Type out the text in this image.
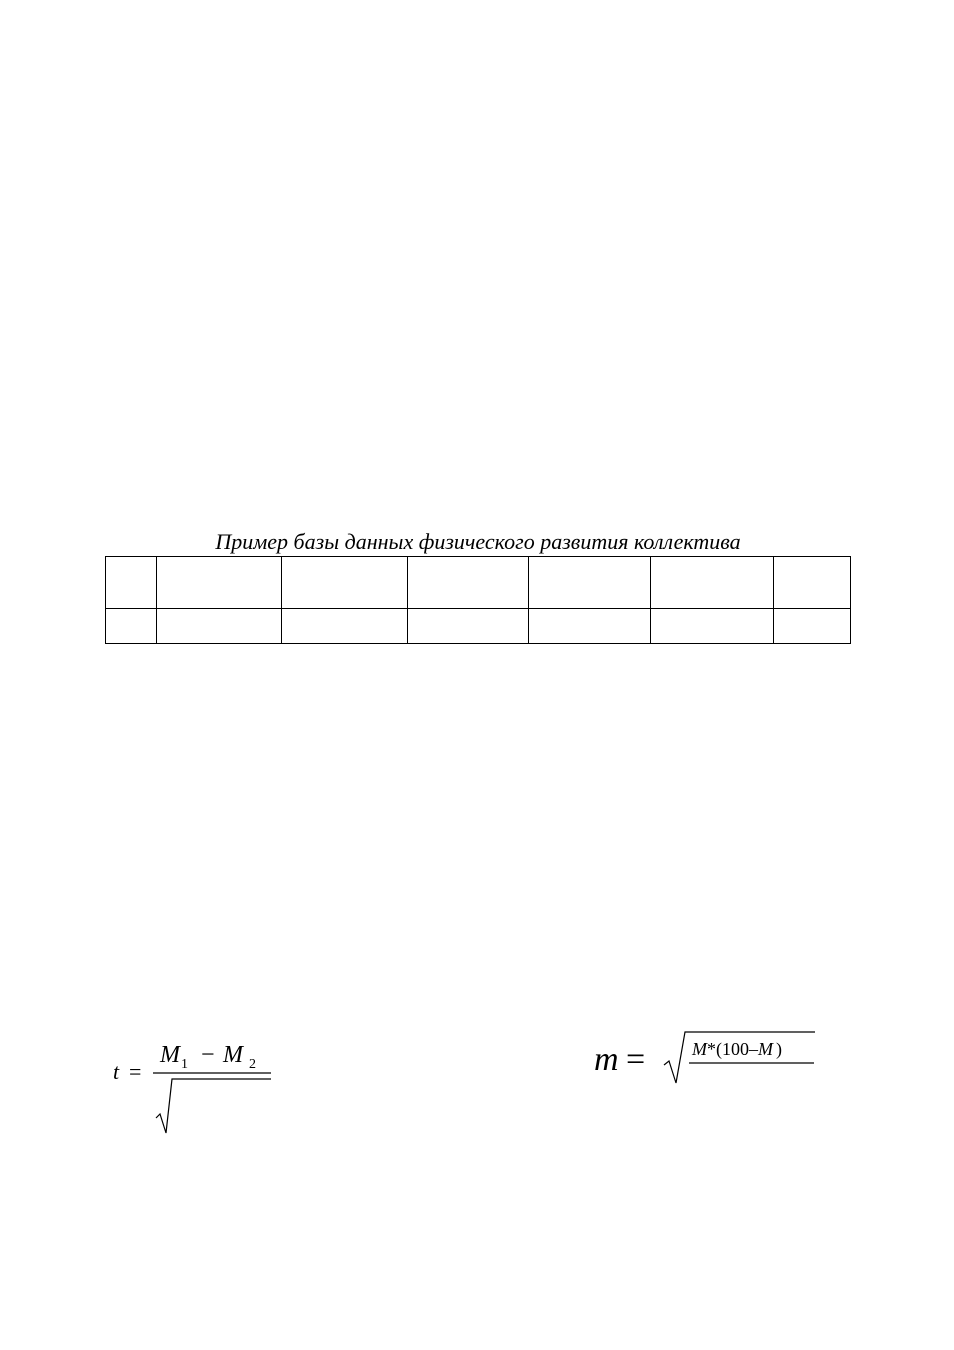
Пример базы данных физического развития коллектива

t =
M 1 − M 2	m =	M*(100–M )
